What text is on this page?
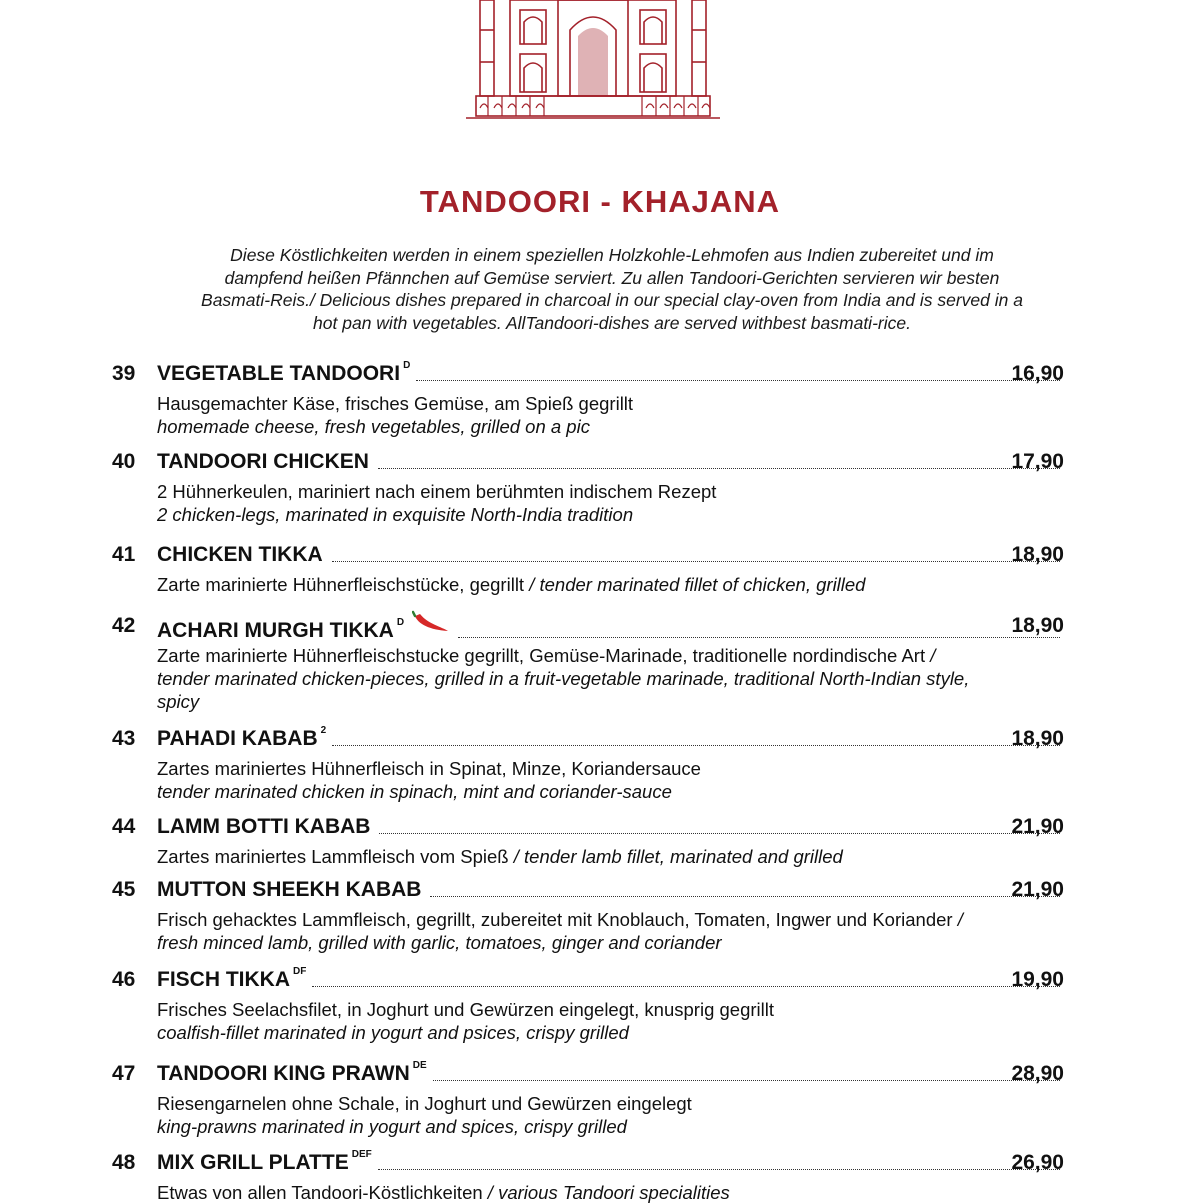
TANDOORI - KHAJANA

Diese Köstlichkeiten werden in einem speziellen Holzkohle-Lehmofen aus Indien zubereitet und im dampfend heißen Pfännchen auf Gemüse serviert. Zu allen Tandoori-Gerichten servieren wir besten Basmati-Reis./ Delicious dishes prepared in charcoal in our special clay-oven from India and is served in a hot pan with vegetables. AllTandoori-dishes are served withbest basmati-rice.

39 VEGETABLE TANDOORI $^D$	16,90
Hausgemachter Käse, frisches Gemüse, am Spieß gegrillt
homemade cheese, fresh vegetables, grilled on a pic
40 TANDOORI CHICKEN	17,90
2 Hühnerkeulen, mariniert nach einem berühmten indischem Rezept
2 chicken-legs, marinated in exquisite North-India tradition
41 CHICKEN TIKKA	18,90
Zarte marinierte Hühnerfleischstücke, gegrillt / tender marinated fillet of chicken, grilled
42 ACHARI MURGH TIKKA $^D$	18,90
Zarte marinierte Hühnerfleischstucke gegrillt, Gemüse-Marinade, traditionelle nordindische Art / tender marinated chicken-pieces, grilled in a fruit-vegetable marinade, traditional North-Indian style, spicy
43 PAHADI KABAB $^2$	18,90
Zartes mariniertes Hühnerfleisch in Spinat, Minze, Koriandersauce
tender marinated chicken in spinach, mint and coriander-sauce
44 LAMM BOTTI KABAB	21,90
Zartes mariniertes Lammfleisch vom Spieß / tender lamb fillet, marinated and grilled
45 MUTTON SHEEKH KABAB	21,90
Frisch gehacktes Lammfleisch, gegrillt, zubereitet mit Knoblauch, Tomaten, Ingwer und Koriander / fresh minced lamb, grilled with garlic, tomatoes, ginger and coriander
46 FISCH TIKKA $^{DF}$	19,90
Frisches Seelachsfilet, in Joghurt und Gewürzen eingelegt, knusprig gegrillt
coalfish-fillet marinated in yogurt and psices, crispy grilled
47 TANDOORI KING PRAWN $^{DE}$	28,90
Riesengarnelen ohne Schale, in Joghurt und Gewürzen eingelegt
king-prawns marinated in yogurt and spices, crispy grilled
48 MIX GRILL PLATTE $^{DEF}$	26,90
Etwas von allen Tandoori-Köstlichkeiten / various Tandoori specialities
